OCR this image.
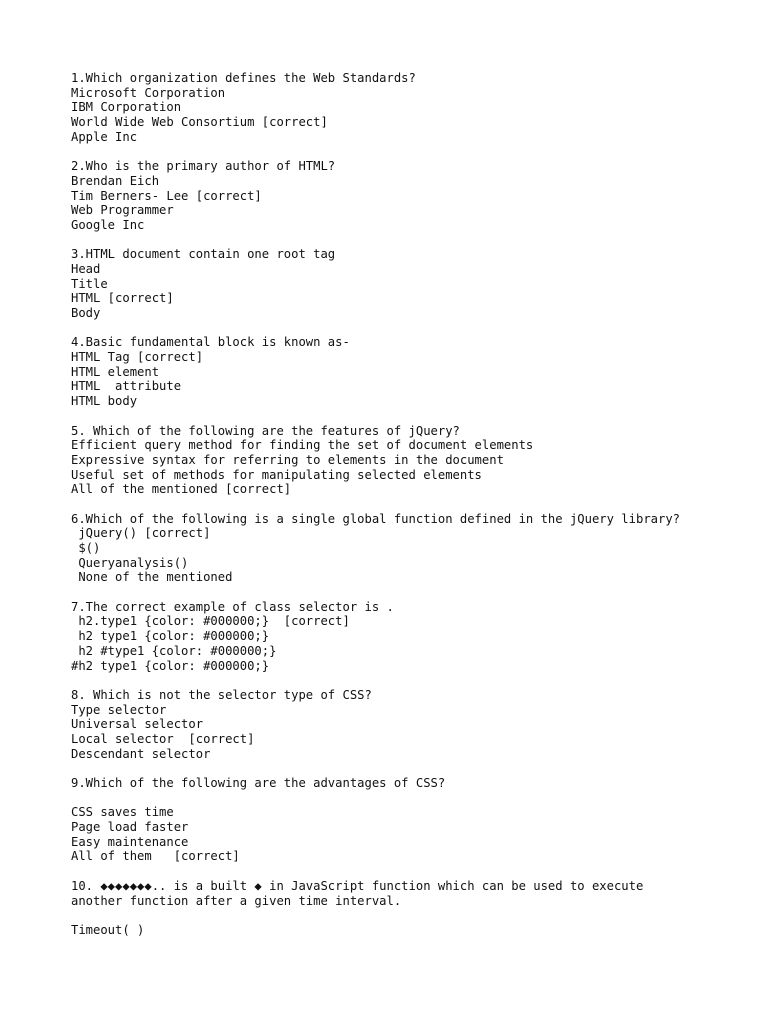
1.Which organization defines the Web Standards?
Microsoft Corporation
IBM Corporation
World Wide Web Consortium [correct]
Apple Inc
2.Who is the primary author of HTML?
Brendan Eich
Tim Berners- Lee [correct]
Web Programmer
Google Inc
3.HTML document contain one root tag
Head
Title
HTML [correct]
Body
4.Basic fundamental block is known as-
HTML Tag [correct]
HTML element
HTML  attribute
HTML body
5. Which of the following are the features of jQuery?
Efficient query method for finding the set of document elements
Expressive syntax for referring to elements in the document
Useful set of methods for manipulating selected elements
All of the mentioned [correct]
6.Which of the following is a single global function defined in the jQuery library?
jQuery() [correct]
$()
Queryanalysis()
None of the mentioned
7.The correct example of class selector is .
h2.type1 {color: #000000;}  [correct]
h2 type1 {color: #000000;}
h2 #type1 {color: #000000;}
#h2 type1 {color: #000000;}
8. Which is not the selector type of CSS?
Type selector
Universal selector
Local selector  [correct]
Descendant selector
9.Which of the following are the advantages of CSS?
CSS saves time
Page load faster
Easy maintenance
All of them   [correct]
10. ◆◆◆◆◆◆◆.. is a built ◆ in JavaScript function which can be used to execute
another function after a given time interval.
Timeout( )
